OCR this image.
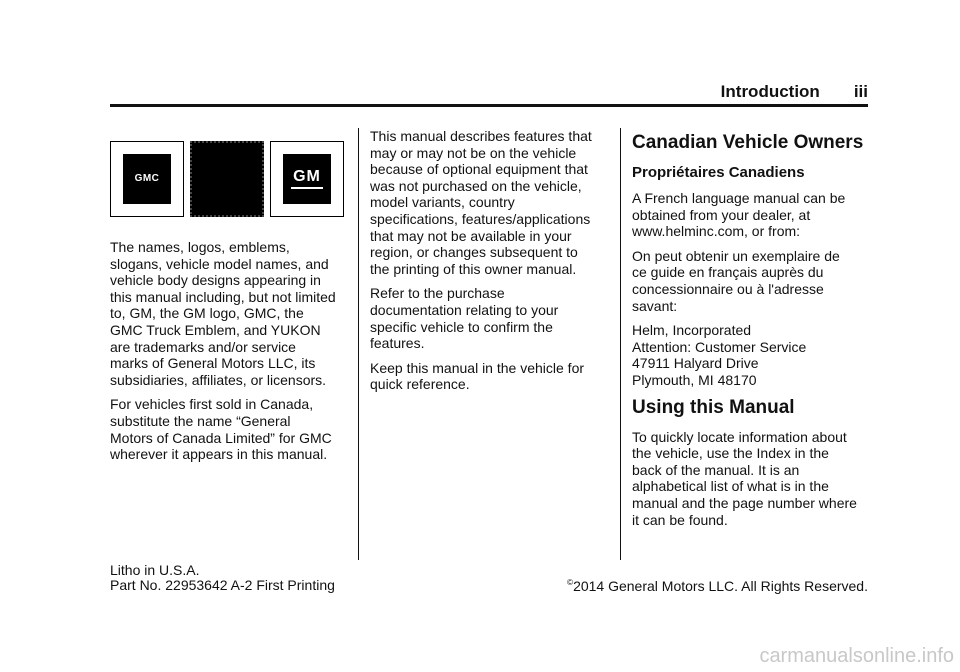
Introduction iii
GMC	GM

The names, logos, emblems,
slogans, vehicle model names, and
vehicle body designs appearing in
this manual including, but not limited
to, GM, the GM logo, GMC, the
GMC Truck Emblem, and YUKON
are trademarks and/or service
marks of General Motors LLC, its
subsidiaries, affiliates, or licensors.

For vehicles first sold in Canada,
substitute the name “General
Motors of Canada Limited” for GMC
wherever it appears in this manual.

This manual describes features that
may or may not be on the vehicle
because of optional equipment that
was not purchased on the vehicle,
model variants, country
specifications, features/applications
that may not be available in your
region, or changes subsequent to
the printing of this owner manual.

Refer to the purchase
documentation relating to your
specific vehicle to confirm the
features.

Keep this manual in the vehicle for
quick reference.

Canadian Vehicle Owners
Propriétaires Canadiens

A French language manual can be
obtained from your dealer, at
www.helminc.com, or from:

On peut obtenir un exemplaire de
ce guide en français auprès du
concessionnaire ou à l'adresse
savant:

Helm, Incorporated
Attention: Customer Service
47911 Halyard Drive
Plymouth, MI 48170

Using this Manual

To quickly locate information about
the vehicle, use the Index in the
back of the manual. It is an
alphabetical list of what is in the
manual and the page number where
it can be found.

Litho in U.S.A.
Part No. 22953642 A-2 First Printing	©2014 General Motors LLC. All Rights Reserved.
carmanualsonline.info
